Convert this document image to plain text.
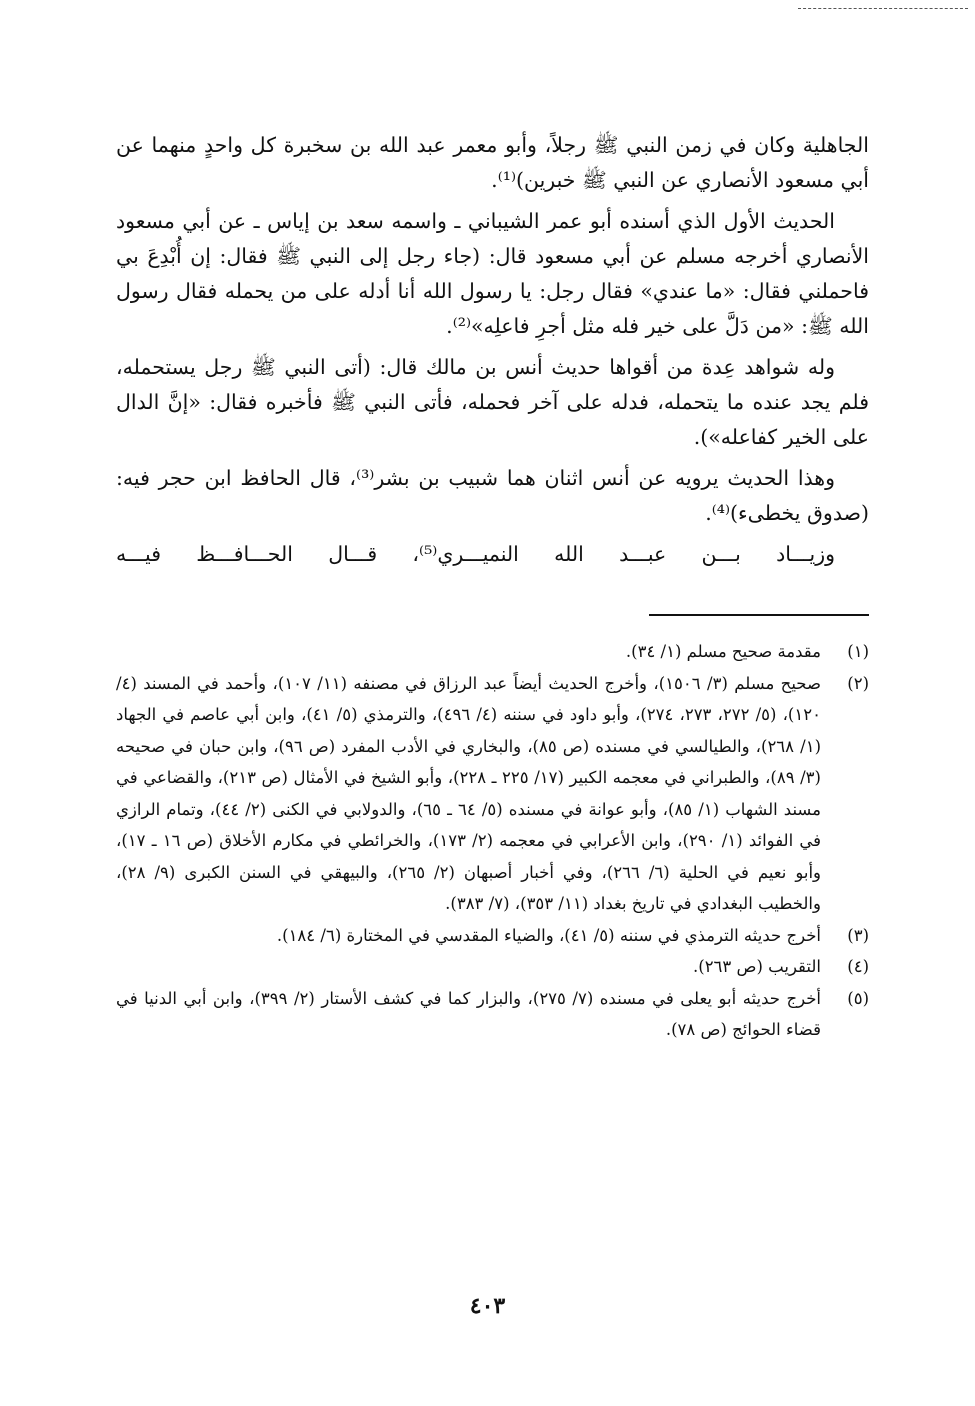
الجاهلية وكان في زمن النبي ﷺ رجلاً، وأبو معمر عبد الله بن سخبرة كل واحدٍ منهما عن أبي مسعود الأنصاري عن النبي ﷺ خبرين)⁽¹⁾.

الحديث الأول الذي أسنده أبو عمر الشيباني ـ واسمه سعد بن إياس ـ عن أبي مسعود الأنصاري أخرجه مسلم عن أبي مسعود قال: (جاء رجل إلى النبي ﷺ فقال: إن أُبْدِعَ بي فاحملني فقال: «ما عندي» فقال رجل: يا رسول الله أنا أدله على من يحمله فقال رسول الله ﷺ: «من دَلَّ على خير فله مثل أجرِ فاعلِه»⁽²⁾.

وله شواهد عِدة من أقواها حديث أنس بن مالك قال: (أتى النبي ﷺ رجل يستحمله، فلم يجد عنده ما يتحمله، فدله على آخر فحمله، فأتى النبي ﷺ فأخبره فقال: «إنَّ الدال على الخير كفاعله»).

وهذا الحديث يرويه عن أنس اثنان هما شبيب بن بشر⁽³⁾، قال الحافظ ابن حجر فيه: (صدوق يخطىء)⁽⁴⁾.

وزيـــاد بـــن عبـــد الله النميـــري⁽⁵⁾، قـــال الحـــافـــظ فيـــه

(١)
مقدمة صحيح مسلم (١/ ٣٤).
(٢)
صحيح مسلم (٣/ ١٥٠٦)، وأخرج الحديث أيضاً عبد الرزاق في مصنفه (١١/ ١٠٧)، وأحمد في المسند (٤/ ١٢٠)، (٥/ ٢٧٢، ٢٧٣، ٢٧٤)، وأبو داود في سننه (٤/ ٤٩٦)، والترمذي (٥/ ٤١)، وابن أبي عاصم في الجهاد (١/ ٢٦٨)، والطيالسي في مسنده (ص ٨٥)، والبخاري في الأدب المفرد (ص ٩٦)، وابن حبان في صحيحه (٣/ ٨٩)، والطبراني في معجمه الكبير (١٧/ ٢٢٥ ـ ٢٢٨)، وأبو الشيخ في الأمثال (ص ٢١٣)، والقضاعي في مسند الشهاب (١/ ٨٥)، وأبو عوانة في مسنده (٥/ ٦٤ ـ ٦٥)، والدولابي في الكنى (٢/ ٤٤)، وتمام الرازي في الفوائد (١/ ٢٩٠)، وابن الأعرابي في معجمه (٢/ ١٧٣)، والخرائطي في مكارم الأخلاق (ص ١٦ ـ ١٧)، وأبو نعيم في الحلية (٦/ ٢٦٦)، وفي أخبار أصبهان (٢/ ٢٦٥)، والبيهقي في السنن الكبرى (٩/ ٢٨)، والخطيب البغدادي في تاريخ بغداد (١١/ ٣٥٣)، (٧/ ٣٨٣).
(٣)
أخرج حديثه الترمذي في سننه (٥/ ٤١)، والضياء المقدسي في المختارة (٦/ ١٨٤).
(٤)
التقريب (ص ٢٦٣).
(٥)
أخرج حديثه أبو يعلى في مسنده (٧/ ٢٧٥)، والبزار كما في كشف الأستار (٢/ ٣٩٩)، وابن أبي الدنيا في قضاء الحوائج (ص ٧٨).
٤٠٣
